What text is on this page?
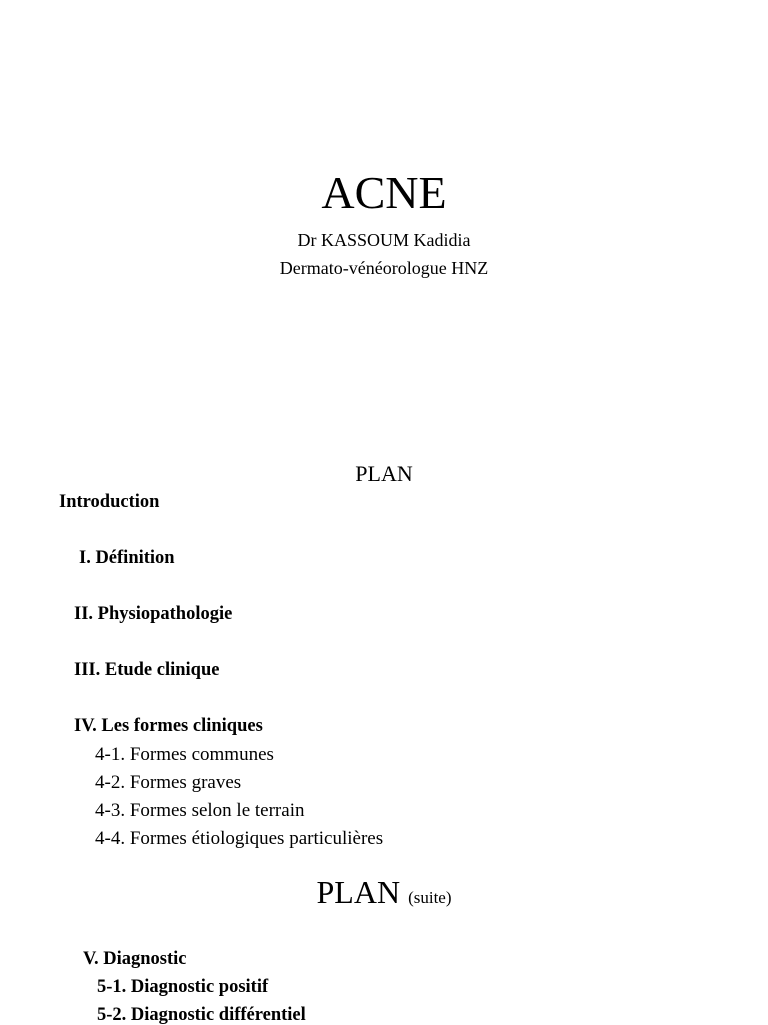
ACNE
Dr KASSOUM Kadidia
Dermato-vénéorologue HNZ
PLAN
Introduction
I. Définition
II. Physiopathologie
III. Etude clinique
IV. Les formes cliniques
4-1. Formes communes
4-2. Formes graves
4-3. Formes selon le terrain
4-4. Formes étiologiques particulières
PLAN (suite)
V. Diagnostic
5-1. Diagnostic positif
5-2. Diagnostic différentiel
